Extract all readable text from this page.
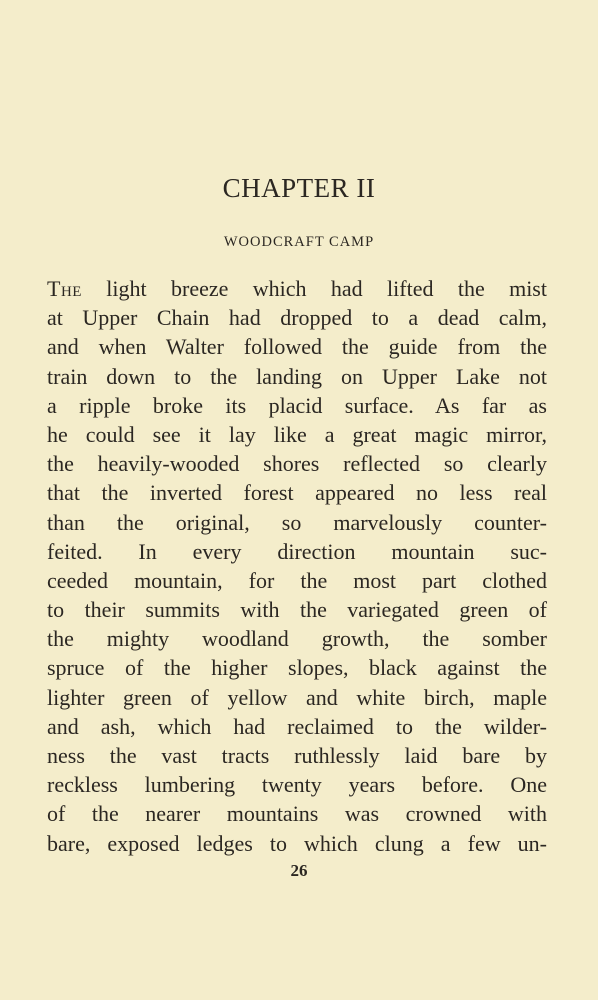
CHAPTER II
WOODCRAFT CAMP
The light breeze which had lifted the mist
at Upper Chain had dropped to a dead calm,
and when Walter followed the guide from the
train down to the landing on Upper Lake not
a ripple broke its placid surface. As far as
he could see it lay like a great magic mirror,
the heavily-wooded shores reflected so clearly
that the inverted forest appeared no less real
than the original, so marvelously counter-
feited. In every direction mountain suc-
ceeded mountain, for the most part clothed
to their summits with the variegated green of
the mighty woodland growth, the somber
spruce of the higher slopes, black against the
lighter green of yellow and white birch, maple
and ash, which had reclaimed to the wilder-
ness the vast tracts ruthlessly laid bare by
reckless lumbering twenty years before. One
of the nearer mountains was crowned with
bare, exposed ledges to which clung a few un-
26
